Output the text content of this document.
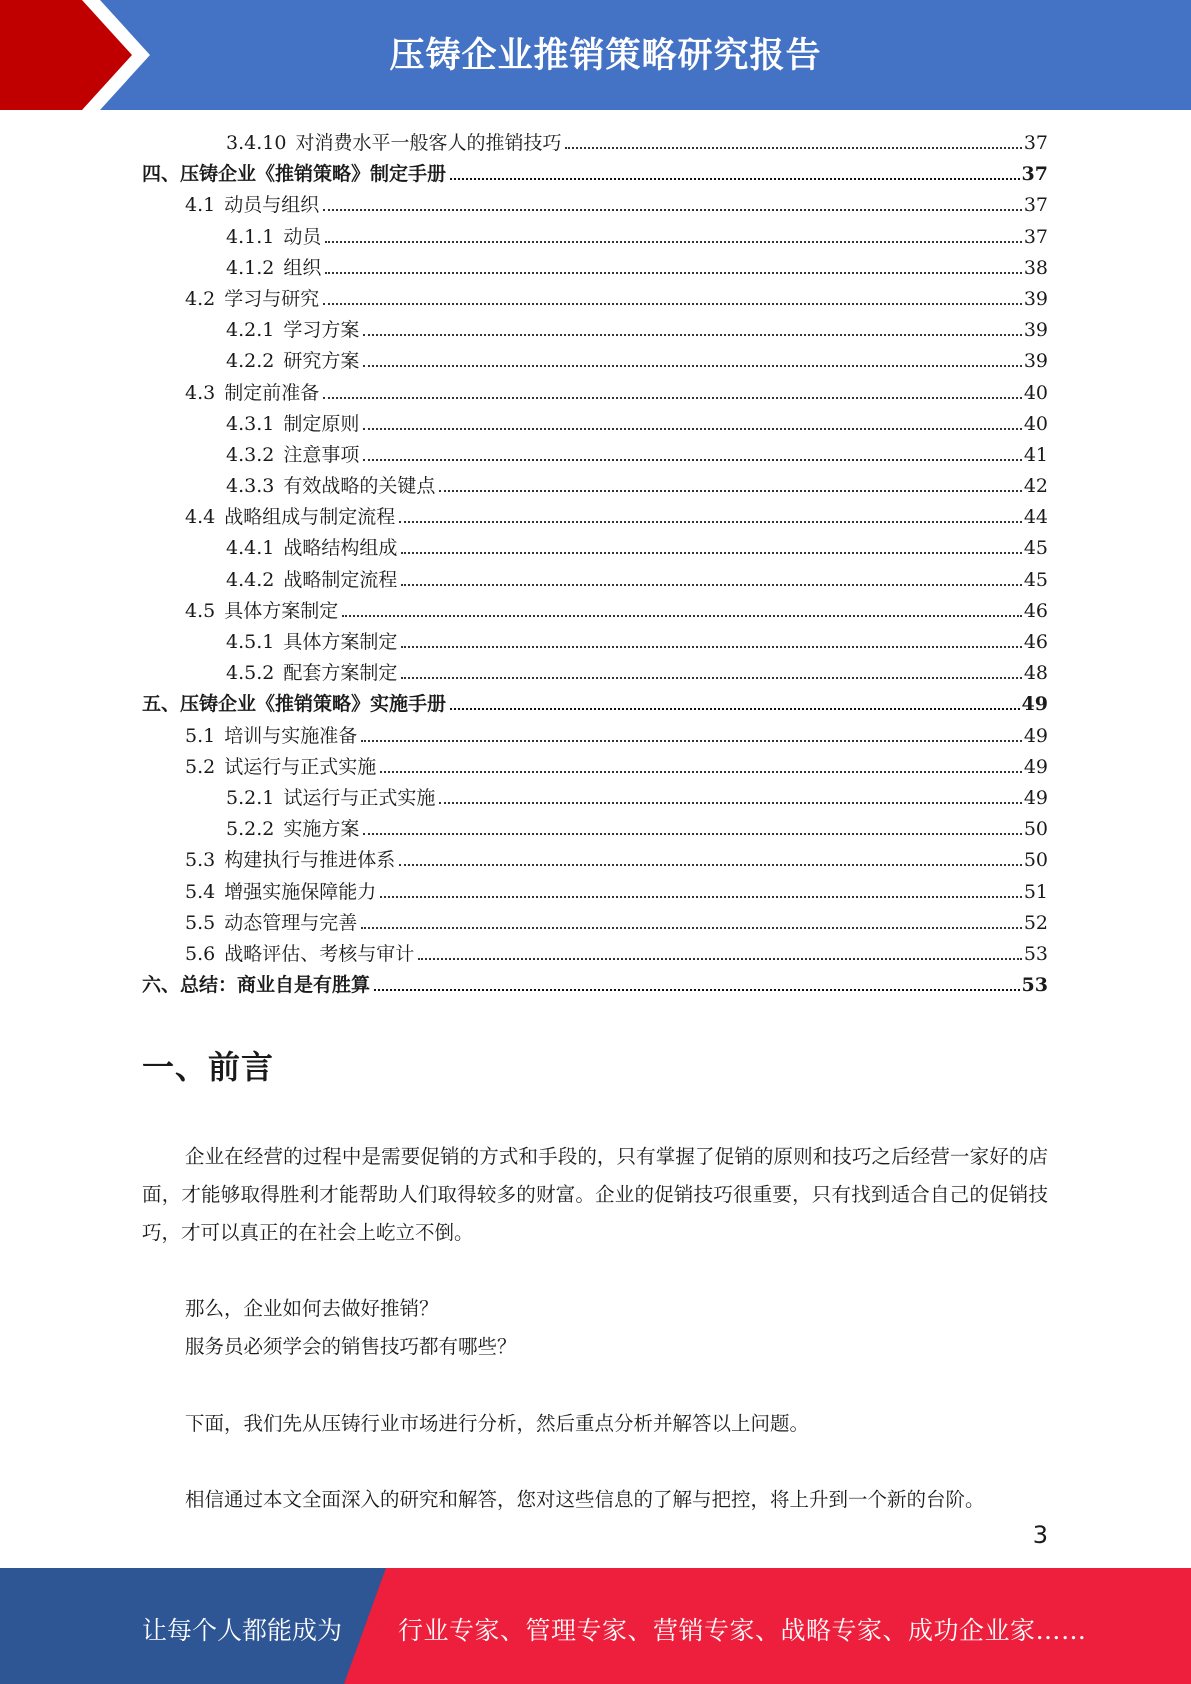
压铸企业推销策略研究报告
3.4.10 对消费水平一般客人的推销技巧	37
四、压铸企业《推销策略》制定手册	37
4.1 动员与组织	37
4.1.1 动员	37
4.1.2 组织	38
4.2 学习与研究	39
4.2.1 学习方案	39
4.2.2 研究方案	39
4.3 制定前准备	40
4.3.1 制定原则	40
4.3.2 注意事项	41
4.3.3 有效战略的关键点	42
4.4 战略组成与制定流程	44
4.4.1 战略结构组成	45
4.4.2 战略制定流程	45
4.5 具体方案制定	46
4.5.1 具体方案制定	46
4.5.2 配套方案制定	48
五、压铸企业《推销策略》实施手册	49
5.1 培训与实施准备	49
5.2 试运行与正式实施	49
5.2.1 试运行与正式实施	49
5.2.2 实施方案	50
5.3 构建执行与推进体系	50
5.4 增强实施保障能力	51
5.5 动态管理与完善	52
5.6 战略评估、考核与审计	53
六、总结：商业自是有胜算	53
一、前言

企业在经营的过程中是需要促销的方式和手段的，只有掌握了促销的原则和技巧之后经营一家好的店面，才能够取得胜利才能帮助人们取得较多的财富。企业的促销技巧很重要，只有找到适合自己的促销技巧，才可以真正的在社会上屹立不倒。

那么，企业如何去做好推销？

服务员必须学会的销售技巧都有哪些？

下面，我们先从压铸行业市场进行分析，然后重点分析并解答以上问题。

相信通过本文全面深入的研究和解答，您对这些信息的了解与把控，将上升到一个新的台阶。

3
让每个人都能成为 行业专家、管理专家、营销专家、战略专家、成功企业家……
